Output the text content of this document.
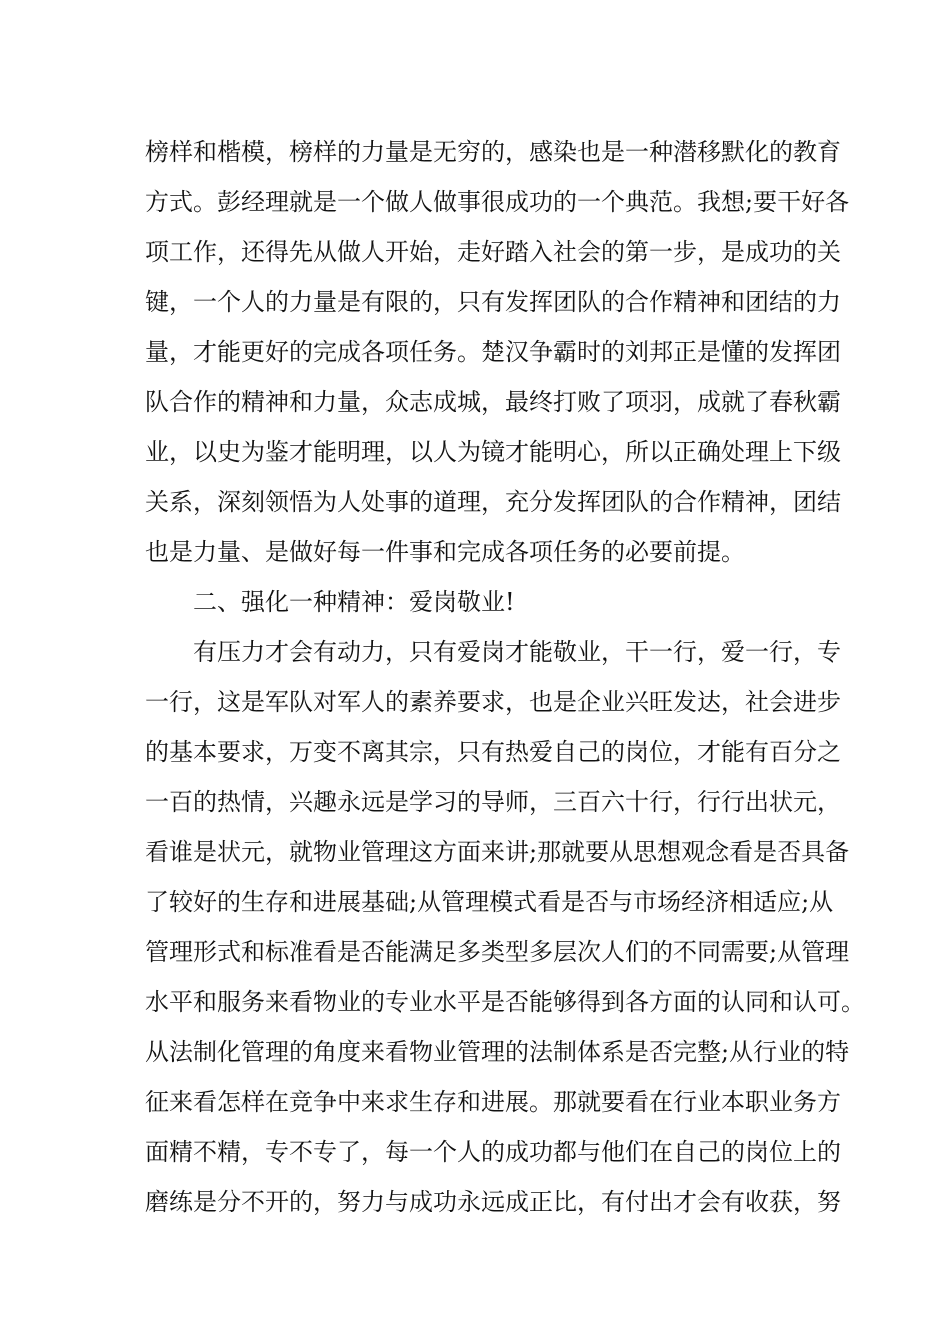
榜样和楷模，榜样的力量是无穷的，感染也是一种潜移默化的教育

方式。彭经理就是一个做人做事很成功的一个典范。我想;要干好各

项工作，还得先从做人开始，走好踏入社会的第一步，是成功的关

键，一个人的力量是有限的，只有发挥团队的合作精神和团结的力

量，才能更好的完成各项任务。楚汉争霸时的刘邦正是懂的发挥团

队合作的精神和力量，众志成城，最终打败了项羽，成就了春秋霸

业，以史为鉴才能明理，以人为镜才能明心，所以正确处理上下级

关系，深刻领悟为人处事的道理，充分发挥团队的合作精神，团结

也是力量、是做好每一件事和完成各项任务的必要前提。

二、强化一种精神：爱岗敬业!

有压力才会有动力，只有爱岗才能敬业，干一行，爱一行，专

一行，这是军队对军人的素养要求，也是企业兴旺发达，社会进步

的基本要求，万变不离其宗，只有热爱自己的岗位，才能有百分之

一百的热情，兴趣永远是学习的导师，三百六十行，行行出状元，

看谁是状元，就物业管理这方面来讲;那就要从思想观念看是否具备

了较好的生存和进展基础;从管理模式看是否与市场经济相适应;从

管理形式和标准看是否能满足多类型多层次人们的不同需要;从管理

水平和服务来看物业的专业水平是否能够得到各方面的认同和认可。

从法制化管理的角度来看物业管理的法制体系是否完整;从行业的特

征来看怎样在竞争中来求生存和进展。那就要看在行业本职业务方

面精不精，专不专了，每一个人的成功都与他们在自己的岗位上的

磨练是分不开的，努力与成功永远成正比，有付出才会有收获，努
